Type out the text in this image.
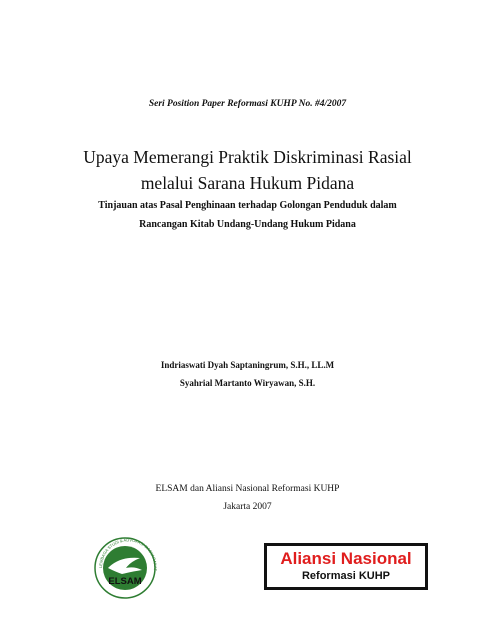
Seri Position Paper Reformasi KUHP No. #4/2007
Upaya Memerangi Praktik Diskriminasi Rasial
melalui Sarana Hukum Pidana
Tinjauan atas Pasal Penghinaan terhadap Golongan Penduduk dalam
Rancangan Kitab Undang-Undang Hukum Pidana
Indriaswati Dyah Saptaningrum, S.H., LL.M
Syahrial Martanto Wiryawan, S.H.
ELSAM dan Aliansi Nasional Reformasi KUHP
Jakarta 2007
LEMBAGA STUDI & ADVOKASI MASYARAKAT
ELSAM
Aliansi Nasional
Reformasi KUHP
